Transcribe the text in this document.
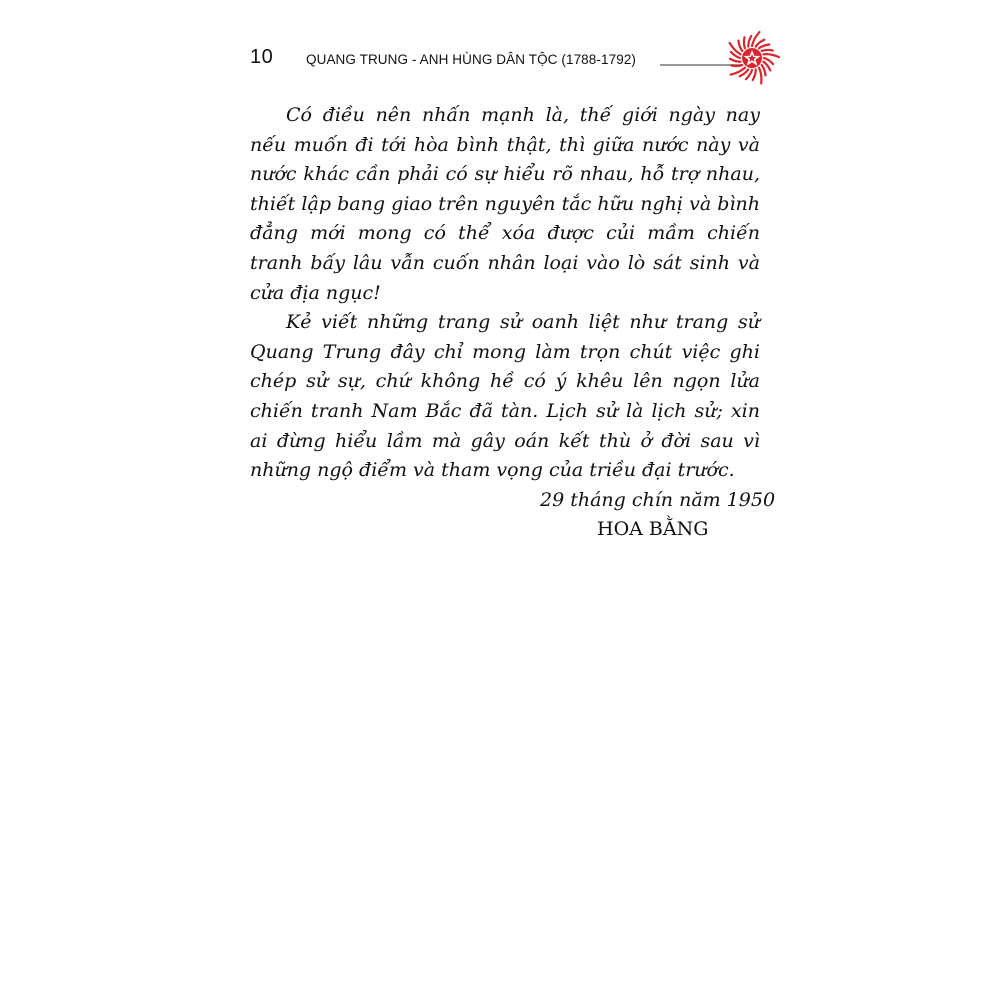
10 QUANG TRUNG - ANH HÙNG DÂN TỘC (1788-1792)

Có điều nên nhấn mạnh là, thế giới ngày nay nếu muốn đi tới hòa bình thật, thì giữa nước này và nước khác cần phải có sự hiểu rõ nhau, hỗ trợ nhau, thiết lập bang giao trên nguyên tắc hữu nghị và bình đẳng mới mong có thể xóa được củi mầm chiến tranh bấy lâu vẫn cuốn nhân loại vào lò sát sinh và cửa địa ngục!

Kẻ viết những trang sử oanh liệt như trang sử Quang Trung đây chỉ mong làm trọn chút việc ghi chép sử sự, chứ không hề có ý khêu lên ngọn lửa chiến tranh Nam Bắc đã tàn. Lịch sử là lịch sử; xin ai đừng hiểu lầm mà gây oán kết thù ở đời sau vì những ngộ điểm và tham vọng của triều đại trước.

29 tháng chín năm 1950
HOA BẰNG
